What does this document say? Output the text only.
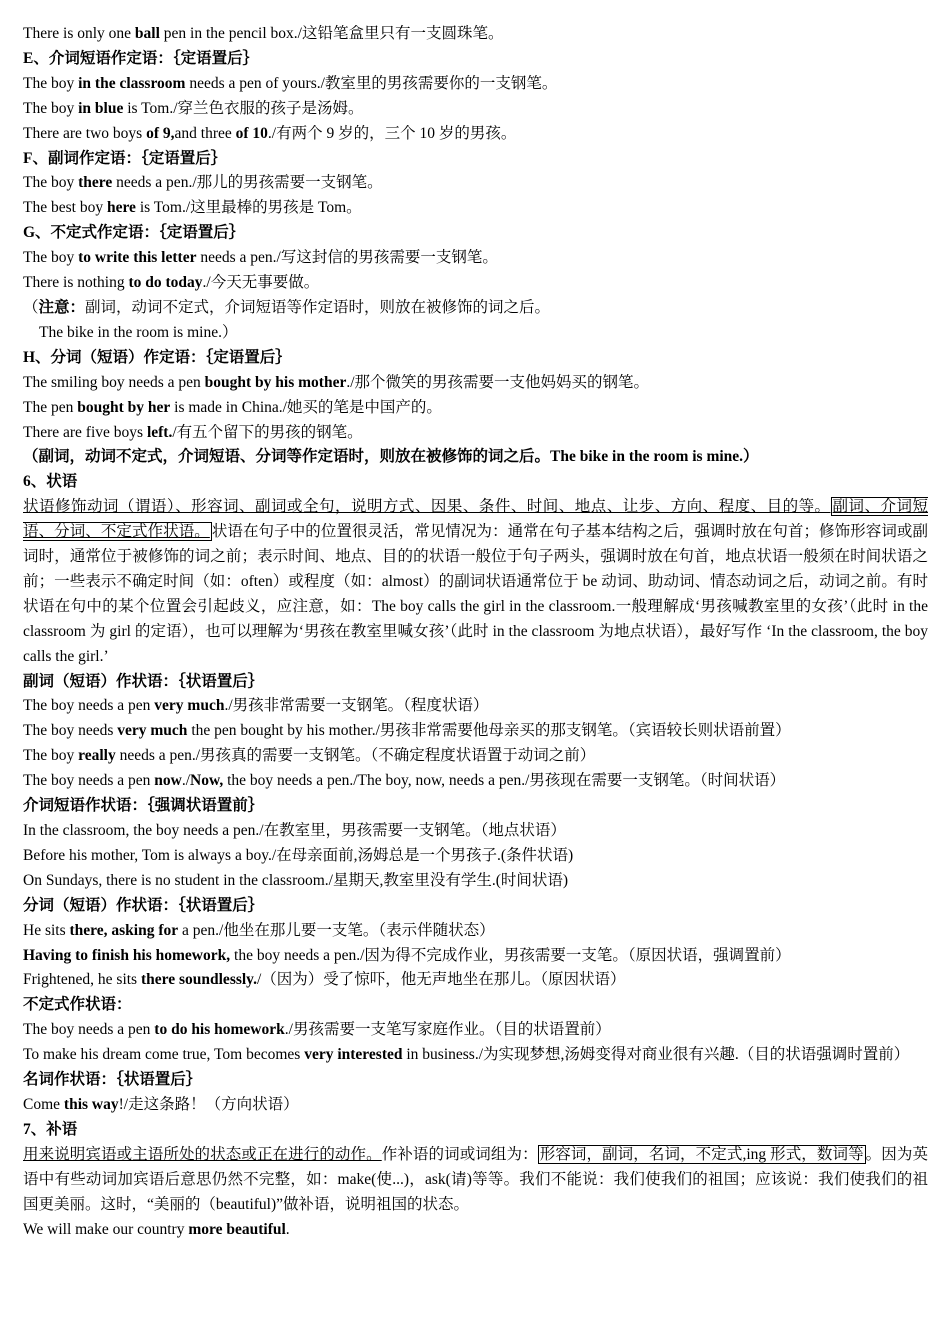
There is only one ball pen in the pencil box./这铅笔盒里只有一支圆珠笔。
E、介词短语作定语：｛定语置后｝
The boy in the classroom needs a pen of yours./教室里的男孩需要你的一支钢笔。
The boy in blue is Tom./穿兰色衣服的孩子是汤姆。
There are two boys of 9,and three of 10./有两个 9 岁的，三个 10 岁的男孩。
F、副词作定语：｛定语置后｝
The boy there needs a pen./那儿的男孩需要一支钢笔。
The best boy here is Tom./这里最棒的男孩是 Tom。
G、不定式作定语：｛定语置后｝
The boy to write this letter needs a pen./写这封信的男孩需要一支钢笔。
There is nothing to do today./今天无事要做。
（注意：副词，动词不定式，介词短语等作定语时，则放在被修饰的词之后。
The bike in the room is mine.）
H、分词（短语）作定语：｛定语置后｝
The smiling boy needs a pen bought by his mother./那个微笑的男孩需要一支他妈妈买的钢笔。
The pen bought by her is made in China./她买的笔是中国产的。
There are five boys left./有五个留下的男孩的钢笔。
（副词，动词不定式，介词短语、分词等作定语时，则放在被修饰的词之后。The bike in the room is mine.）
6、状语
状语修饰动词（谓语）、形容词、副词或全句，说明方式、因果、条件、时间、地点、让步、方向、程度、目的等。 副词、介词短语、分词、不定式作状语。 状语在句子中的位置很灵活，常见情况为：通常在句子基本结构之后，强调时放在句首；修饰形容词或副词时，通常位于被修饰的词之前；表示时间、地点、目的的状语一般位于句子两头，强调时放在句首，地点状语一般须在时间状语之前；一些表示不确定时间（如：often）或程度（如：almost）的副词状语通常位于 be 动词、助动词、情态动词之后，动词之前。有时状语在句中的某个位置会引起歧义，应注意，如：The boy calls the girl in the classroom.一般理解成‘男孩喊教室里的女孩’（此时 in the classroom 为 girl 的定语），也可以理解为‘男孩在教室里喊女孩’（此时 in the classroom 为地点状语），最好写作 ‘In the classroom, the boy calls the girl.’
副词（短语）作状语：｛状语置后｝
The boy needs a pen very much./男孩非常需要一支钢笔。（程度状语）
The boy needs very much the pen bought by his mother./男孩非常需要他母亲买的那支钢笔。（宾语较长则状语前置）
The boy really needs a pen./男孩真的需要一支钢笔。（不确定程度状语置于动词之前）
The boy needs a pen now./Now, the boy needs a pen./The boy, now, needs a pen./男孩现在需要一支钢笔。（时间状语）
介词短语作状语：｛强调状语置前｝
In the classroom, the boy needs a pen./在教室里，男孩需要一支钢笔。（地点状语）
Before his mother, Tom is always a boy./在母亲面前,汤姆总是一个男孩子.(条件状语)
On Sundays, there is no student in the classroom./星期天,教室里没有学生.(时间状语)
分词（短语）作状语：｛状语置后｝
He sits there, asking for a pen./他坐在那儿要一支笔。（表示伴随状态）
Having to finish his homework, the boy needs a pen./因为得不完成作业，男孩需要一支笔。（原因状语，强调置前）
Frightened, he sits there soundlessly./（因为）受了惊吓，他无声地坐在那儿。（原因状语）
不定式作状语：
The boy needs a pen to do his homework./男孩需要一支笔写家庭作业。（目的状语置前）
To make his dream come true, Tom becomes very interested in business./为实现梦想,汤姆变得对商业很有兴趣.（目的状语强调时置前）
名词作状语：｛状语置后｝
Come this way!/走这条路！（方向状语）
7、补语
用来说明宾语或主语所处的状态或正在进行的动作。作补语的词或词组为： 形容词，副词，名词，不定式,ing 形式，数词等 。因为英语中有些动词加宾语后意思仍然不完整，如：make(使...)，ask(请)等等。我们不能说：我们使我们的祖国；应该说：我们使我们的祖国更美丽。这时，“美丽的（beautiful)”做补语，说明祖国的状态。
We will make our country more beautiful.
